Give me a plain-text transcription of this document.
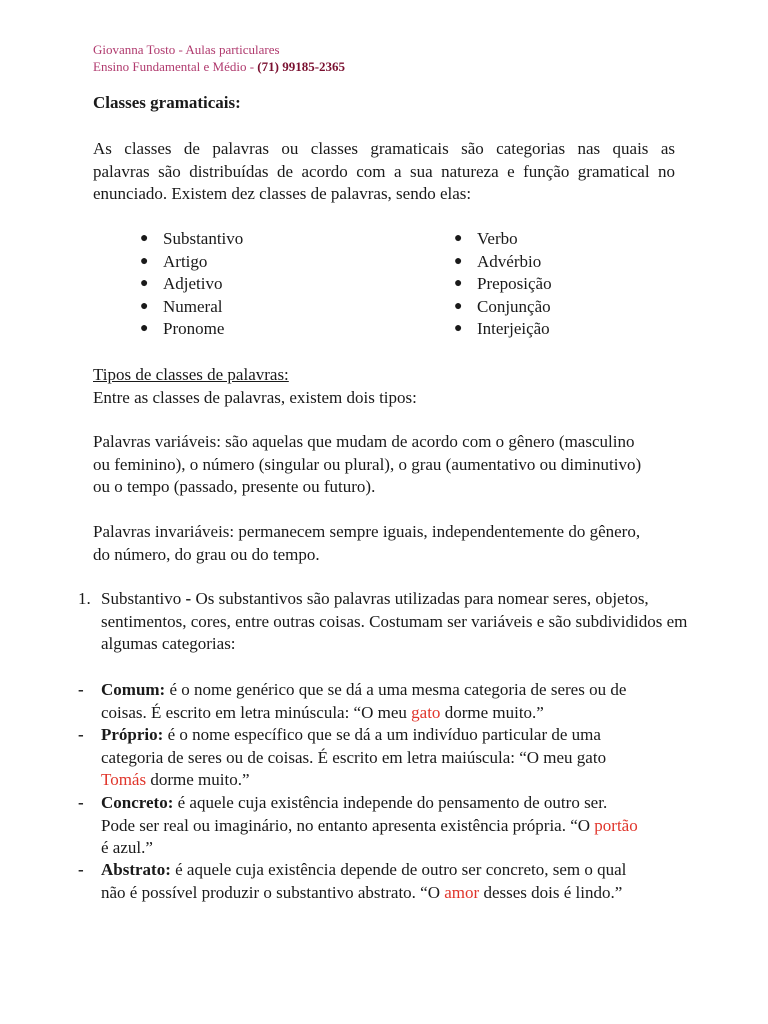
Giovanna Tosto - Aulas particulares
Ensino Fundamental e Médio - (71) 99185-2365
Classes gramaticais:
As classes de palavras ou classes gramaticais são categorias nas quais as
palavras são distribuídas de acordo com a sua natureza e função gramatical no
enunciado. Existem dez classes de palavras, sendo elas:
● Substantivo
● Artigo
● Adjetivo
● Numeral
● Pronome
● Verbo
● Advérbio
● Preposição
● Conjunção
● Interjeição
Tipos de classes de palavras:
Entre as classes de palavras, existem dois tipos:
Palavras variáveis: são aquelas que mudam de acordo com o gênero (masculino
ou feminino), o número (singular ou plural), o grau (aumentativo ou diminutivo)
ou o tempo (passado, presente ou futuro).
Palavras invariáveis: permanecem sempre iguais, independentemente do gênero,
do número, do grau ou do tempo.
1. Substantivo - Os substantivos são palavras utilizadas para nomear seres, objetos,
sentimentos, cores, entre outras coisas. Costumam ser variáveis e são subdivididos em
algumas categorias:
- Comum: é o nome genérico que se dá a uma mesma categoria de seres ou de
coisas. É escrito em letra minúscula: “O meu gato dorme muito.”
- Próprio: é o nome específico que se dá a um indivíduo particular de uma
categoria de seres ou de coisas. É escrito em letra maiúscula: “O meu gato
Tomás dorme muito.”
- Concreto: é aquele cuja existência independe do pensamento de outro ser.
Pode ser real ou imaginário, no entanto apresenta existência própria. “O portão
é azul.”
- Abstrato: é aquele cuja existência depende de outro ser concreto, sem o qual
não é possível produzir o substantivo abstrato. “O amor desses dois é lindo.”
